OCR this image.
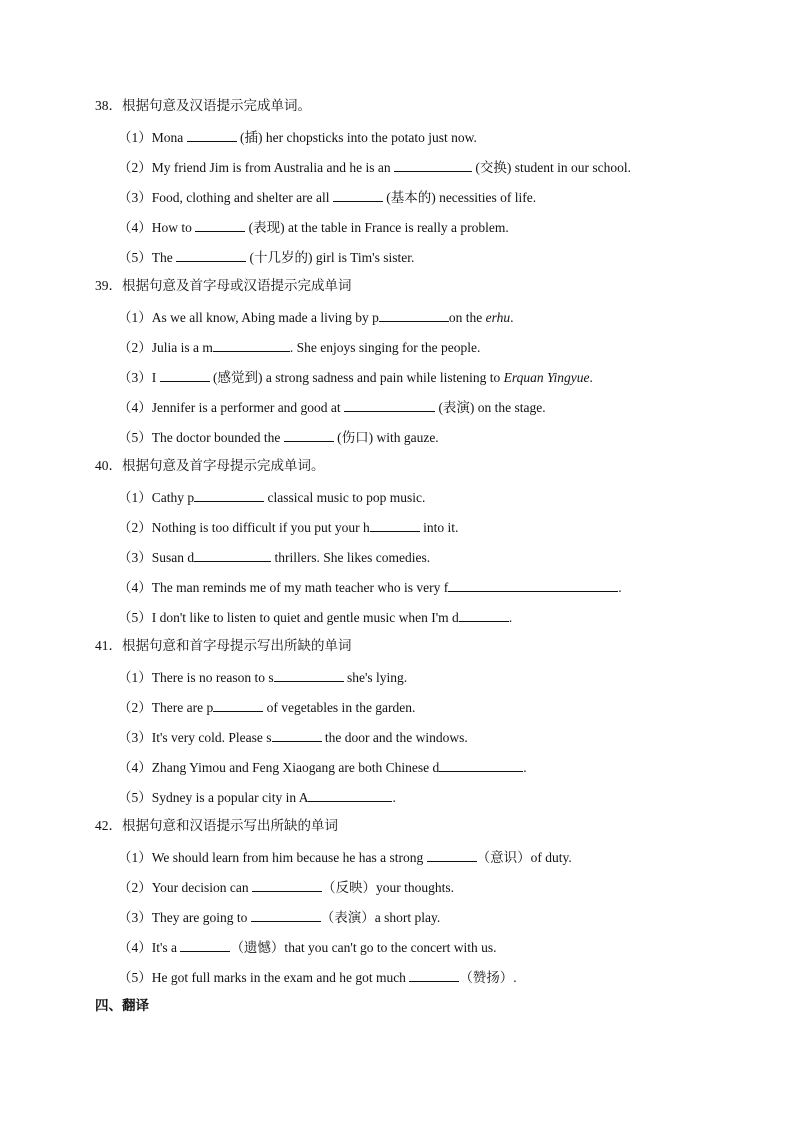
38．根据句意及汉语提示完成单词。
（1）Mona	(插) her chopsticks into the potato just now.
（2）My friend Jim is from Australia and he is an	(交换) student in our school.
（3）Food, clothing and shelter are all	(基本的) necessities of life.
（4）How to	(表现) at the table in France is really a problem.
（5）The	(十几岁的) girl is Tim's sister.
39．根据句意及首字母或汉语提示完成单词
（1）As we all know, Abing made a living by p	on the erhu.
（2）Julia is a m	. She enjoys singing for the people.
（3）I	(感觉到) a strong sadness and pain while listening to Erquan Yingyue.
（4）Jennifer is a performer and good at	(表演) on the stage.
（5）The doctor bounded the	(伤口) with gauze.
40．根据句意及首字母提示完成单词。
（1）Cathy p	classical music to pop music.
（2）Nothing is too difficult if you put your h	into it.
（3）Susan d	thrillers. She likes comedies.
（4）The man reminds me of my math teacher who is very f	.
（5）I don't like to listen to quiet and gentle music when I'm d	.
41．根据句意和首字母提示写出所缺的单词
（1）There is no reason to s	she's lying.
（2）There are p	of vegetables in the garden.
（3）It's very cold. Please s	the door and the windows.
（4）Zhang Yimou and Feng Xiaogang are both Chinese d	.
（5）Sydney is a popular city in A	.
42．根据句意和汉语提示写出所缺的单词
（1）We should learn from him because he has a strong	（意识）of duty.
（2）Your decision can	（反映）your thoughts.
（3）They are going to	（表演）a short play.
（4）It's a	（遗憾）that you can't go to the concert with us.
（5）He got full marks in the exam and he got much	（赞扬）.
四、翻译
